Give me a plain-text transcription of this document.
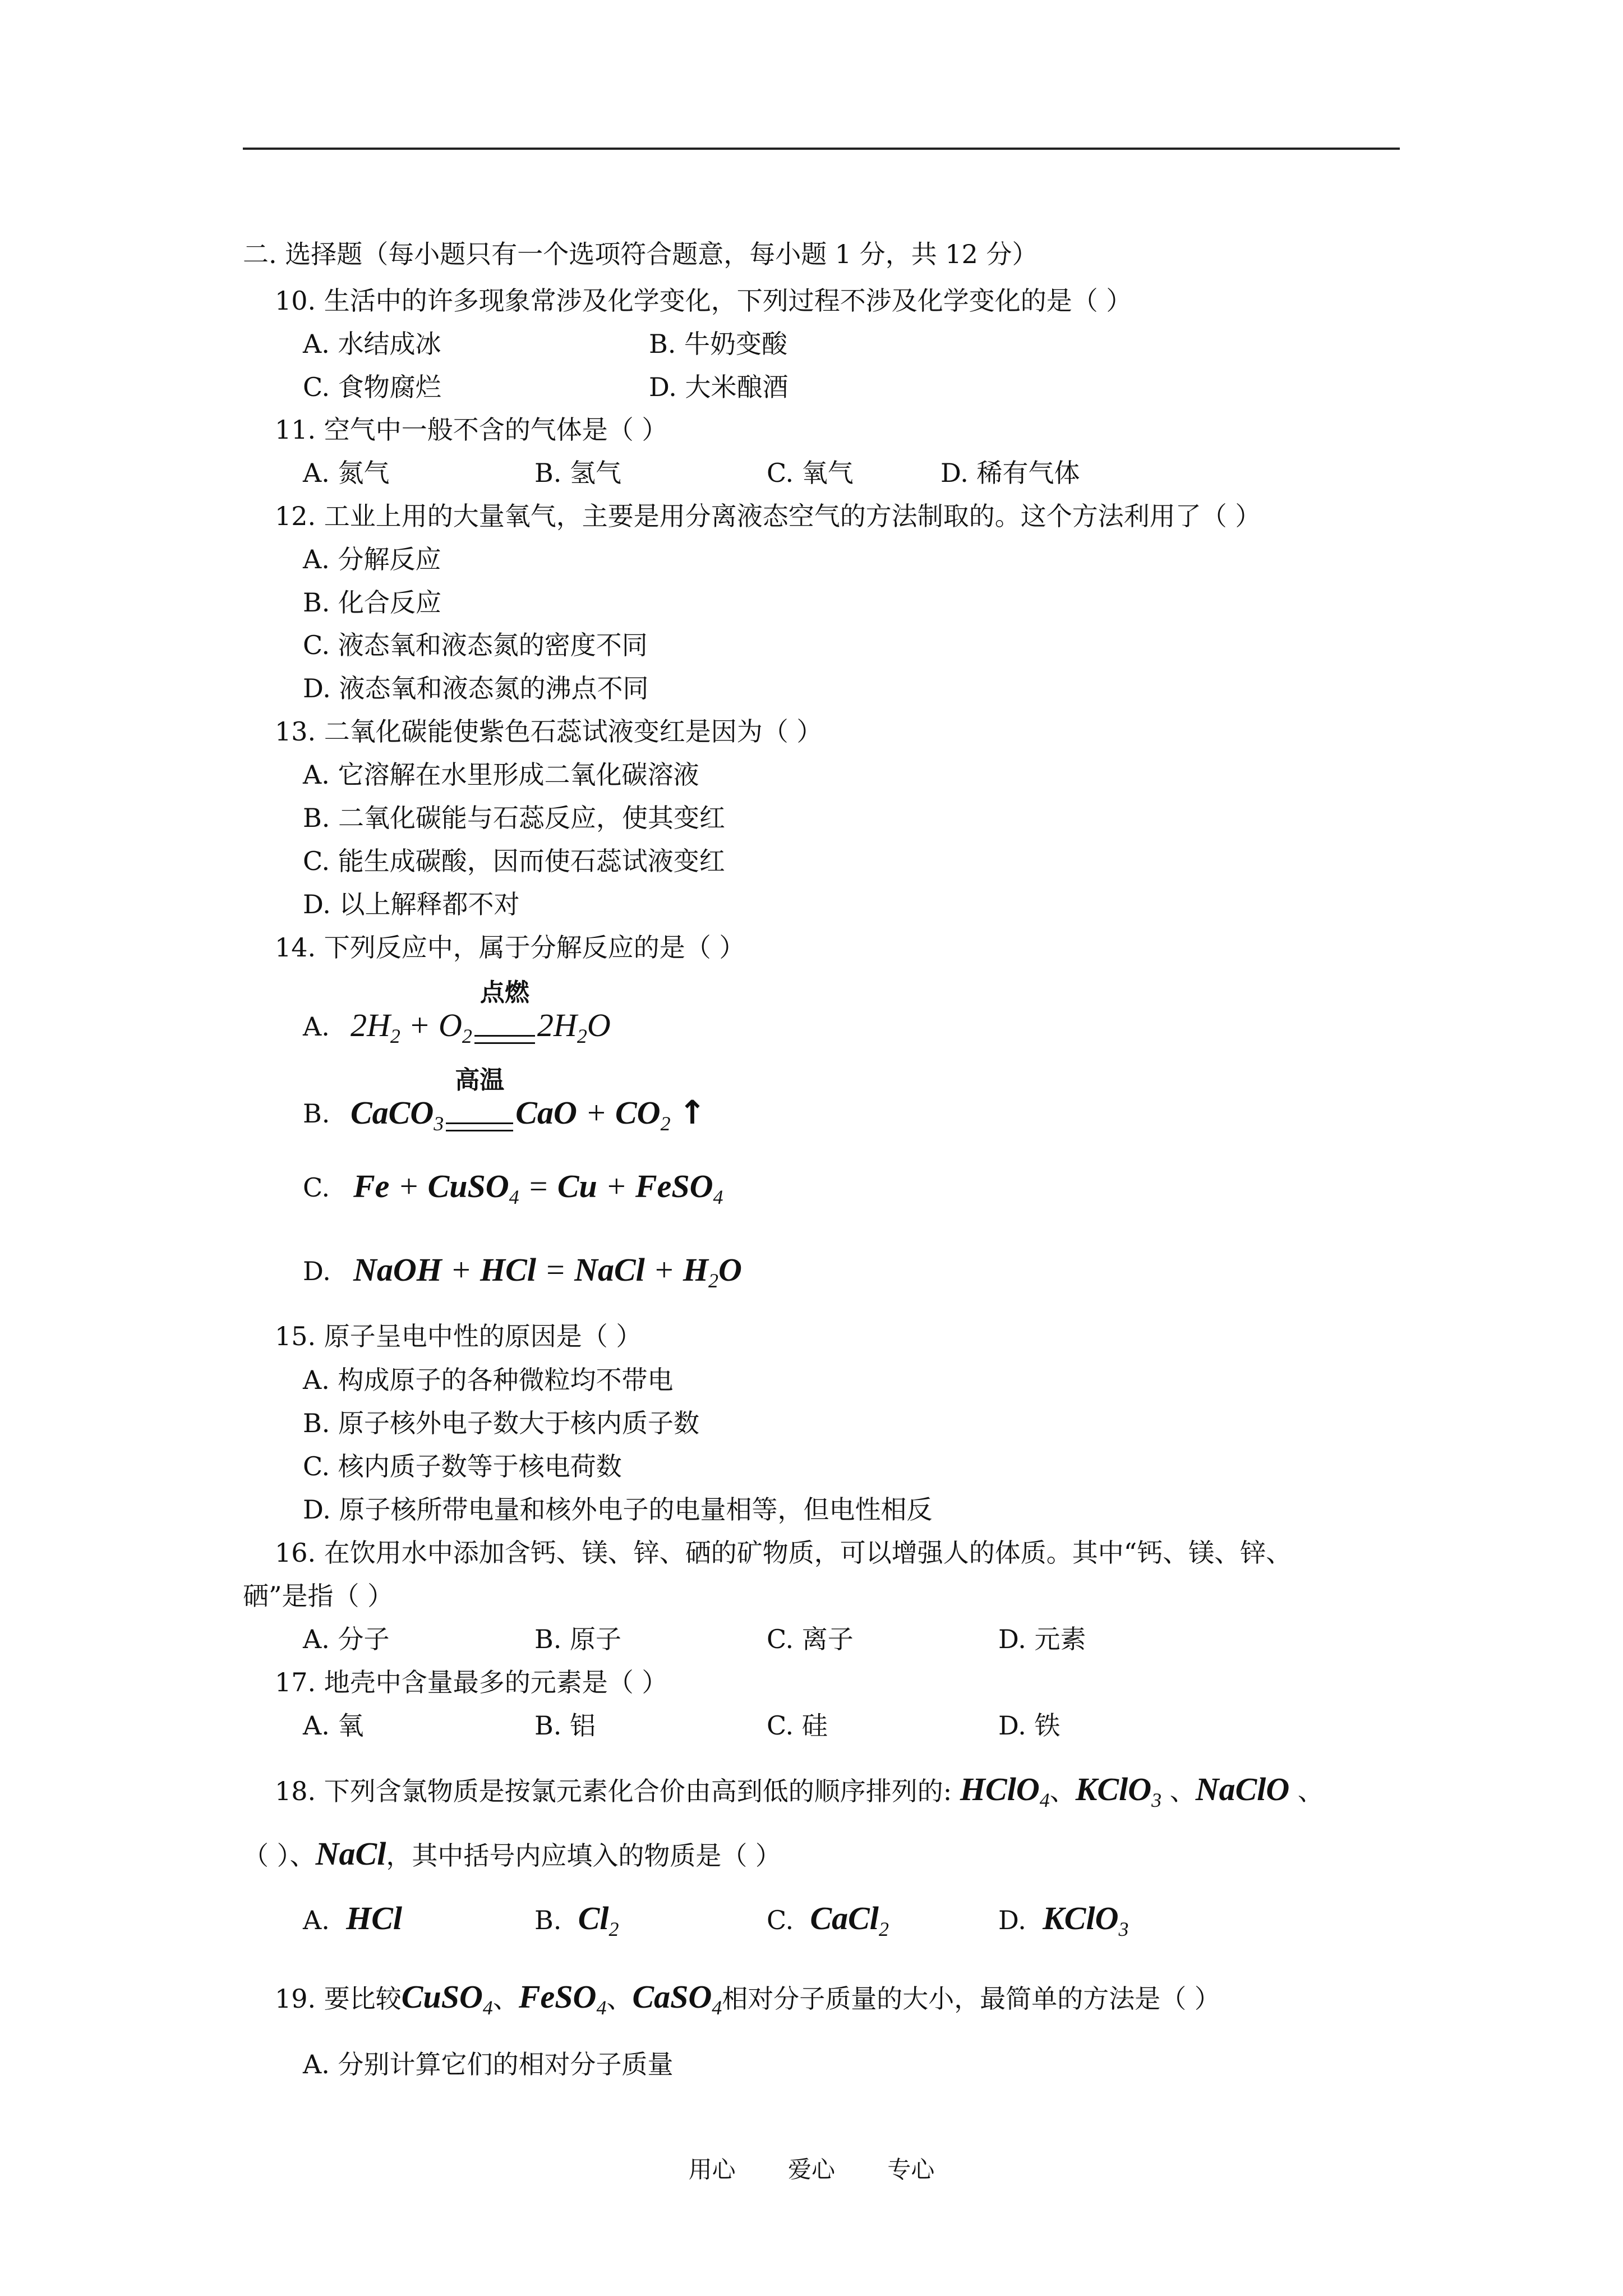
二. 选择题（每小题只有一个选项符合题意，每小题 1 分，共 12 分）
10. 生活中的许多现象常涉及化学变化，下列过程不涉及化学变化的是（ ）
A. 水结成冰	B. 牛奶变酸
C. 食物腐烂	D. 大米酿酒
11. 空气中一般不含的气体是（ ）
A. 氮气	B. 氢气	C. 氧气	D. 稀有气体
12. 工业上用的大量氧气，主要是用分离液态空气的方法制取的。这个方法利用了（ ）
A. 分解反应
B. 化合反应
C. 液态氧和液态氮的密度不同
D. 液态氧和液态氮的沸点不同
13. 二氧化碳能使紫色石蕊试液变红是因为（ ）
A. 它溶解在水里形成二氧化碳溶液
B. 二氧化碳能与石蕊反应，使其变红
C. 能生成碳酸，因而使石蕊试液变红
D. 以上解释都不对
14. 下列反应中，属于分解反应的是（ ）
A. $2H_2 + O_2$
点燃
$2H_2O$
B. CaCO$_3$
高温
CaO + $CO_2$ ↑
C. Fe + CuSO$_4$ = Cu + FeSO$_4$
D. NaOH + HCl = NaCl + $H_2O$
15. 原子呈电中性的原因是（ ）
A. 构成原子的各种微粒均不带电
B. 原子核外电子数大于核内质子数
C. 核内质子数等于核电荷数
D. 原子核所带电量和核外电子的电量相等，但电性相反
16. 在饮用水中添加含钙、镁、锌、硒的矿物质，可以增强人的体质。其中“钙、镁、锌、
硒”是指（ ）
A. 分子	B. 原子	C. 离子	D. 元素
17. 地壳中含量最多的元素是（ ）
A. 氧	B. 铝	C. 硅	D. 铁
18. 下列含氯物质是按氯元素化合价由高到低的顺序排列的: HClO$_4$、KClO$_3$ 、NaClO 、
（ ）、NaCl，其中括号内应填入的物质是（ ）
A. HCl	B. $Cl_2$	C. CaCl$_2$	D. KClO$_3$
19. 要比较CuSO$_4$、FeSO$_4$、CaSO$_4$相对分子质量的大小，最简单的方法是（ ）
A. 分别计算它们的相对分子质量
用心 爱心 专心
